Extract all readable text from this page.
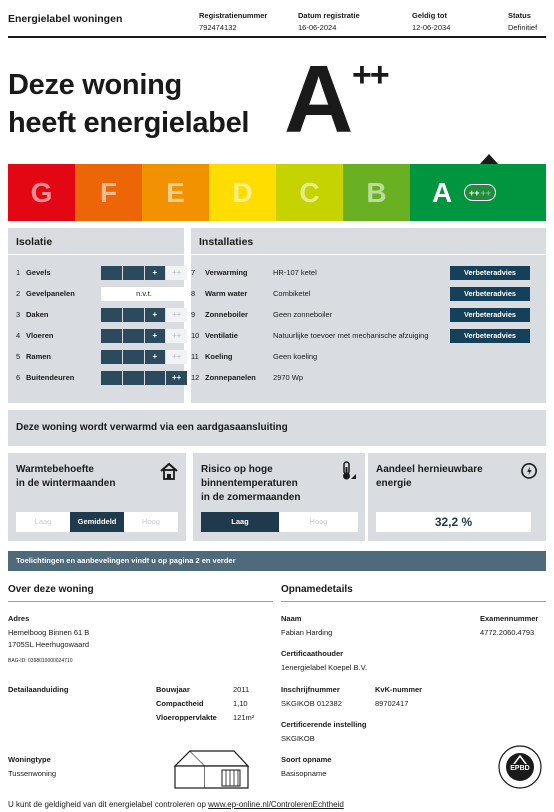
Energielabel woningen	Registratienummer
792474132
Datum registratie
16-06-2024
Geldig tot
12-06-2034
Status
Definitief
Deze woning
heeft energielabel A ++
G	F	E	D	C	B	A	++ ++
Isolatie
1 Gevels	+	++
2 Gevelpanelen	n.v.t.
3 Daken	+	++
4 Vloeren	+	++
5 Ramen	+	++
6 Buitendeuren	++
Installaties
7 Verwarming	HR-107 ketel	Verbeteradvies
8 Warm water	Combiketel	Verbeteradvies
9 Zonneboiler	Geen zonneboiler	Verbeteradvies
10 Ventilatie	Natuurlijke toevoer met mechanische afzuiging	Verbeteradvies
11 Koeling	Geen koeling
12 Zonnepanelen 2970 Wp
Deze woning wordt verwarmd via een aardgasaansluiting
Warmtebehoefte
in de wintermaanden
Laag	Gemiddeld	Hoog
Risico op hoge
binnentemperaturen
in de zomermaanden
Laag	Hoog
Aandeel hernieuwbare
energie
32,2 %
Toelichtingen en aanbevelingen vindt u op pagina 2 en verder
Over deze woning
Adres
Hemelboog Binnen 61 B
1705SL Heerhugowaard
BAG-ID: 0398010000024710
Detailaanduiding	Bouwjaar	2011
Compactheid	1,10
Vloeroppervlakte 121m²
Woningtype
Tussenwoning
Opnamedetails
Naam
Fabian Harding
Examennummer
4772.2060.4793
Certificaathouder
1energielabel Koepel B.V.
Inschrijfnummer
SKGIKOB 012382
KvK-nummer
89702417
Certificerende instelling
SKGIKOB
Soort opname
Basisopname
EPBD
U kunt de geldigheid van dit energielabel controleren op www.ep-online.nl/ControlerenEchtheid
